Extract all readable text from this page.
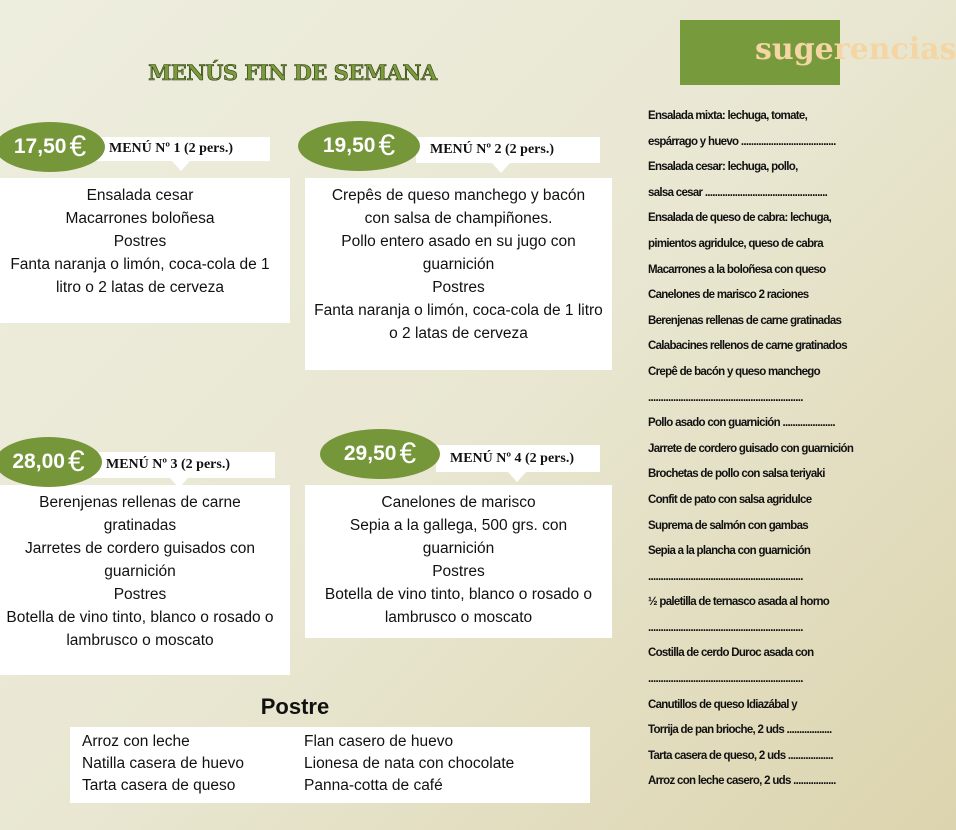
MENÚS FIN DE SEMANA
Ensalada cesar
Macarrones boloñesa
Postres
Fanta naranja o limón, coca-cola de 1 litro o 2 latas de cerveza
MENÚ Nº 1 (2 pers.)
17,50 €
Crepês de queso manchego y bacón con salsa de champiñones.
Pollo entero asado en su jugo con guarnición
Postres
Fanta naranja o limón, coca-cola de 1 litro o 2 latas de cerveza
MENÚ Nº 2 (2 pers.)
19,50 €
Berenjenas rellenas de carne gratinadas
Jarretes de cordero guisados con guarnición
Postres
Botella de vino tinto, blanco o rosado o lambrusco o moscato
MENÚ Nº 3 (2 pers.)
28,00 €
Canelones de marisco
Sepia a la gallega, 500 grs. con guarnición
Postres
Botella de vino tinto, blanco o rosado o lambrusco o moscato
MENÚ Nº 4 (2 pers.)
29,50 €
Postre
Arroz con leche
Natilla casera de huevo
Tarta casera de queso
Flan casero de huevo
Lionesa de nata con chocolate
Panna-cotta de café
sugerencias
Ensalada mixta: lechuga, tomate,
espárrago y huevo ......................................
Ensalada cesar: lechuga, pollo,
salsa cesar .................................................
Ensalada de queso de cabra: lechuga,
pimientos agridulce, queso de cabra
Macarrones a la boloñesa con queso
Canelones de marisco 2 raciones
Berenjenas rellenas de carne gratinadas
Calabacines rellenos de carne gratinados
Crepê de bacón y queso manchego
..............................................................
Pollo asado con guarnición .....................
Jarrete de cordero guisado con guarnición
Brochetas de pollo con salsa teriyaki
Confit de pato con salsa agridulce
Suprema de salmón con gambas
Sepia a la plancha con guarnición
..............................................................
½ paletilla de ternasco asada al horno
..............................................................
Costilla de cerdo Duroc asada con
..............................................................
Canutillos de queso Idiazábal y
Torrija de pan brioche, 2 uds ..................
Tarta casera de queso, 2 uds ..................
Arroz con leche casero, 2 uds .................
